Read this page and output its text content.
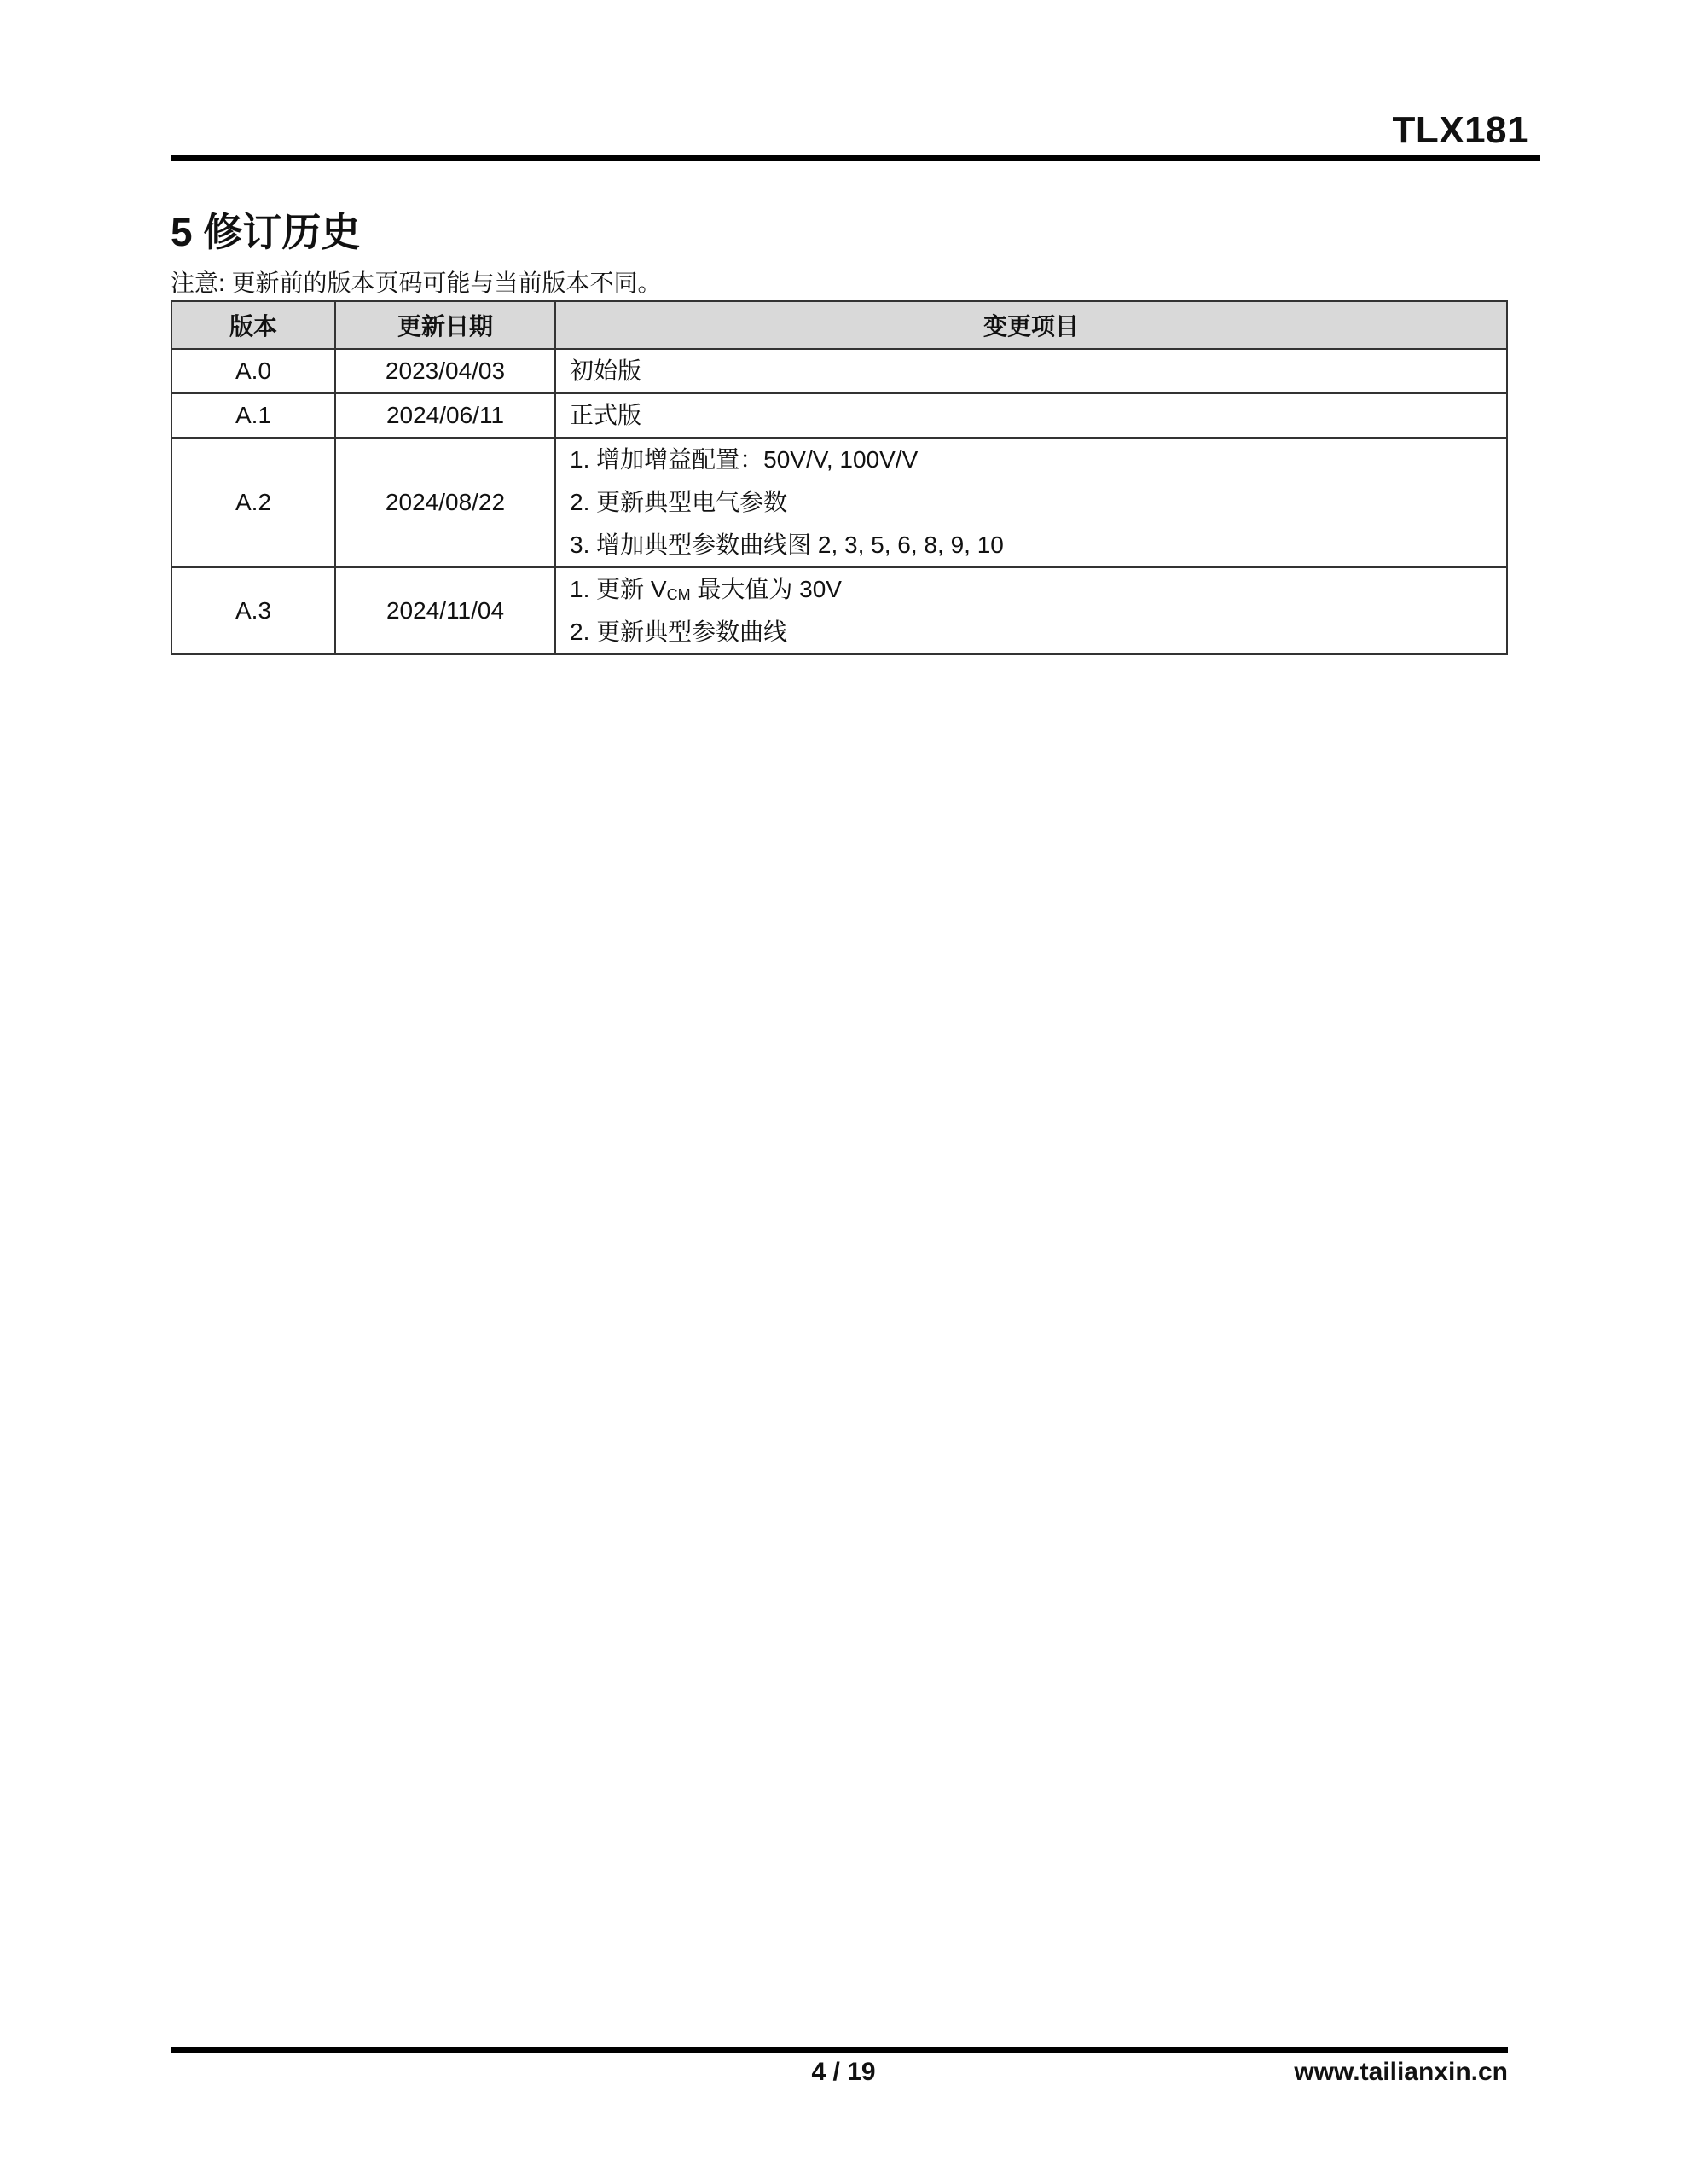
TLX181
5 修订历史
注意: 更新前的版本页码可能与当前版本不同。
版本	更新日期	变更项目
A.0	2023/04/03	初始版

A.1	2024/06/11	正式版

A.2	2024/08/22	1. 增加增益配置：50V/V, 100V/V
2. 更新典型电气参数
3. 增加典型参数曲线图 2, 3, 5, 6, 8, 9, 10

A.3	2024/11/04	1. 更新 $V_{CM}$ 最大值为 30V
2. 更新典型参数曲线
4 / 19	www.tailianxin.cn
